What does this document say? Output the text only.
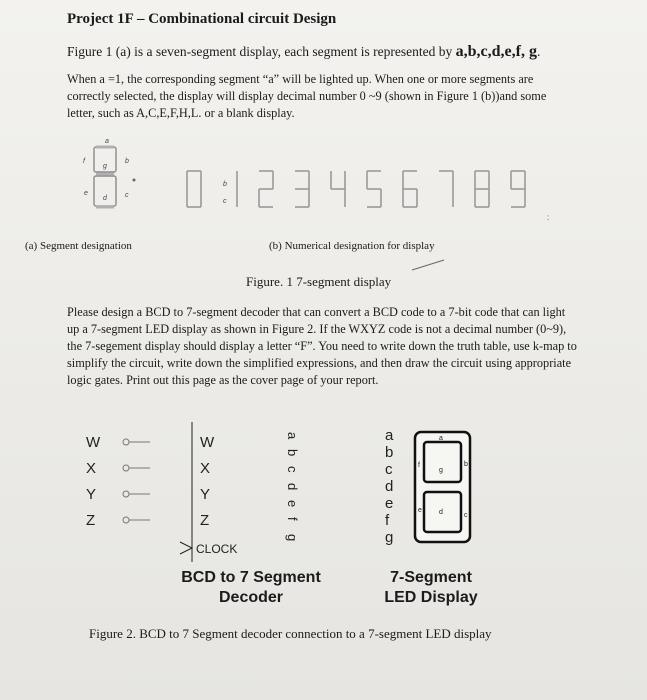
Project 1F – Combinational circuit Design
Figure 1 (a) is a seven-segment display, each segment is represented by a,b,c,d,e,f, g.
When a =1, the corresponding segment “a” will be lighted up. When one or more segments are correctly selected, the display will display decimal number 0 ~9 (shown in Figure 1 (b))and some letter, such as A,C,E,F,H,L. or a blank display.
a
b
c
d
e
f
g
b
c
:
(a) Segment designation	(b) Numerical designation for display
Figure. 1 7-segment display
Please design a BCD to 7-segment decoder that can convert a BCD code to a 7-bit code that can light up a 7-segment LED display as shown in Figure 2. If the WXYZ code is not a decimal number (0~9), the 7-segement display should display a letter “F”. You need to write down the truth table, use k-map to simplify the circuit, write down the simplified expressions, and then draw the circuit using appropriate logic gates. Print out this page as the cover page of your report.
W	W
X	X
Y	Y
Z	Z
CLOCK
a
b
c
d
e
f
g
a
b
c
d
e
f
g
a
b
c
d
e
f
g
BCD to 7 Segment
Decoder
7-Segment
LED Display
Figure 2. BCD to 7 Segment decoder connection to a 7-segment LED display
